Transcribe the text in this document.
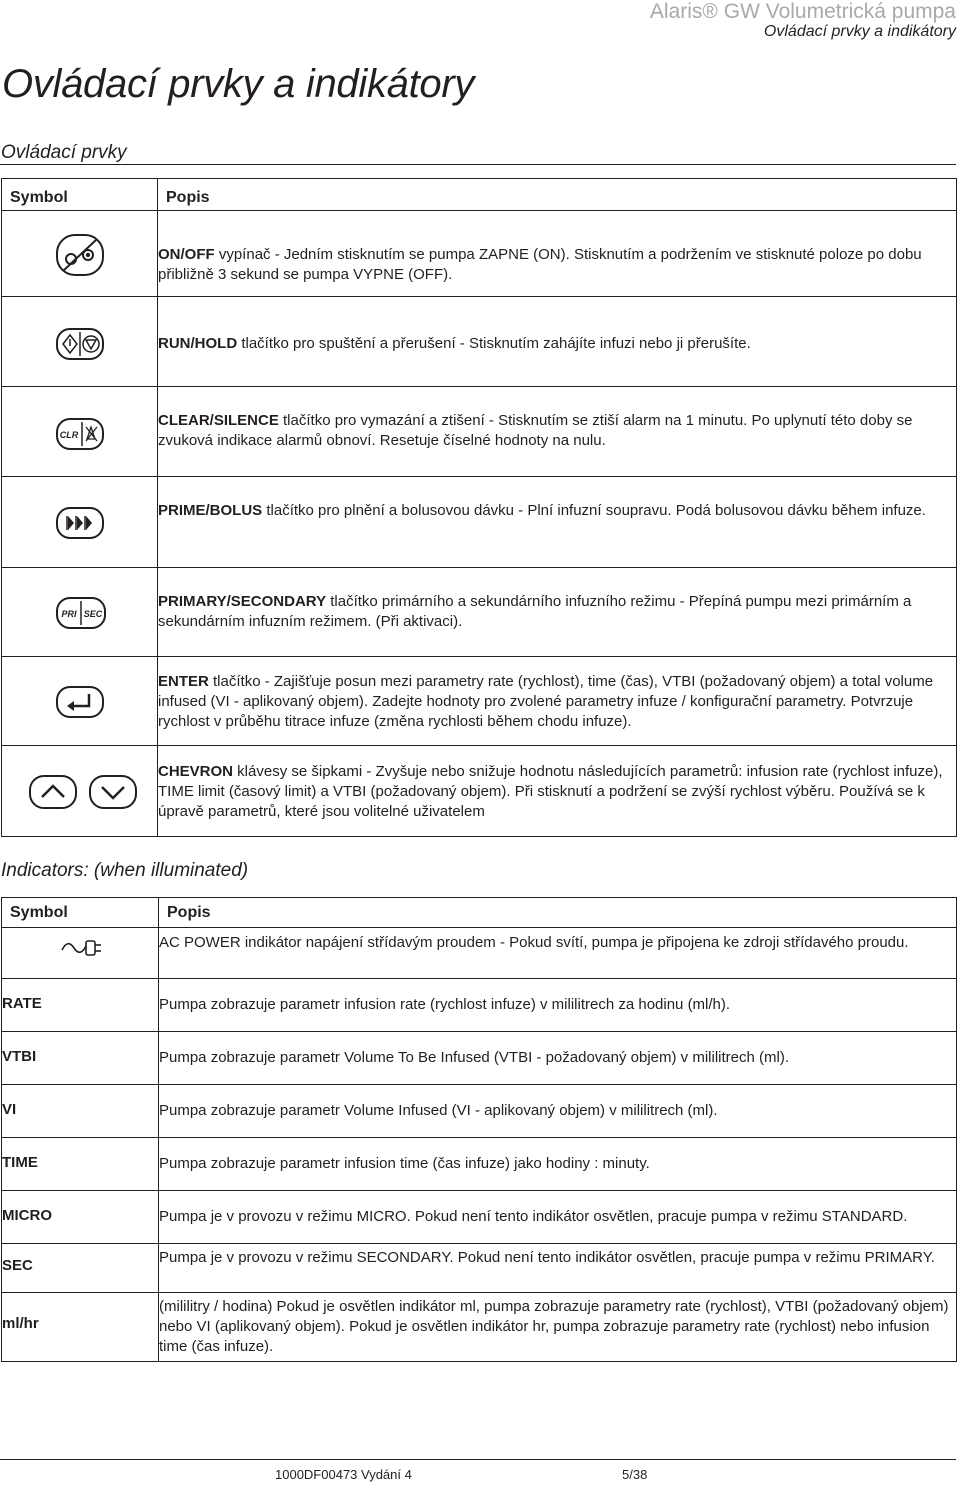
Alaris® GW Volumetrická pumpa
Ovládací prvky a indikátory
Ovládací prvky a indikátory
Ovládací prvky
Symbol	Popis

	ON/OFF vypínač - Jedním stisknutím se pumpa ZAPNE (ON). Stisknutím a podržením ve stisknuté poloze po dobu přibližně 3 sekund se pumpa VYPNE (OFF).

	RUN/HOLD tlačítko pro spuštění a přerušení - Stisknutím zahájíte infuzi nebo ji přerušíte.

CLR	CLEAR/SILENCE tlačítko pro vymazání a ztišení - Stisknutím se ztiší alarm na 1 minutu. Po uplynutí této doby se zvuková indikace alarmů obnoví. Resetuje číselné hodnoty na nulu.

	PRIME/BOLUS tlačítko pro plnění a bolusovou dávku - Plní infuzní soupravu. Podá bolusovou dávku během infuze.

PRI SEC	PRIMARY/SECONDARY tlačítko primárního a sekundárního infuzního režimu - Přepíná pumpu mezi primárním a sekundárním infuzním režimem. (Při aktivaci).

	ENTER tlačítko - Zajišťuje posun mezi parametry rate (rychlost), time (čas), VTBI (požadovaný objem) a total volume infused (VI - aplikovaný objem). Zadejte hodnoty pro zvolené parametry infuze / konfigurační parametry. Potvrzuje rychlost v průběhu titrace infuze (změna rychlosti během chodu infuze).

	CHEVRON klávesy se šipkami - Zvyšuje nebo snižuje hodnotu následujících parametrů: infusion rate (rychlost infuze), TIME limit (časový limit) a VTBI (požadovaný objem). Při stisknutí a podržení se zvýší rychlost výběru. Používá se k úpravě parametrů, které jsou volitelné uživatelem
Indicators: (when illuminated)
Symbol	Popis

	AC POWER indikátor napájení střídavým proudem - Pokud svítí, pumpa je připojena ke zdroji střídavého proudu.
RATE	Pumpa zobrazuje parametr infusion rate (rychlost infuze) v mililitrech za hodinu (ml/h).
VTBI	Pumpa zobrazuje parametr Volume To Be Infused (VTBI - požadovaný objem) v mililitrech (ml).
VI	Pumpa zobrazuje parametr Volume Infused (VI - aplikovaný objem) v mililitrech (ml).
TIME	Pumpa zobrazuje parametr infusion time (čas infuze) jako hodiny : minuty.
MICRO	Pumpa je v provozu v režimu MICRO. Pokud není tento indikátor osvětlen, pracuje pumpa v režimu STANDARD.
SEC	Pumpa je v provozu v režimu SECONDARY. Pokud není tento indikátor osvětlen, pracuje pumpa v režimu PRIMARY.
ml/hr	(mililitry / hodina) Pokud je osvětlen indikátor ml, pumpa zobrazuje parametry rate (rychlost), VTBI (požadovaný objem) nebo VI (aplikovaný objem). Pokud je osvětlen indikátor hr, pumpa zobrazuje parametry rate (rychlost) nebo infusion time (čas infuze).
1000DF00473 Vydání 4	5/38
